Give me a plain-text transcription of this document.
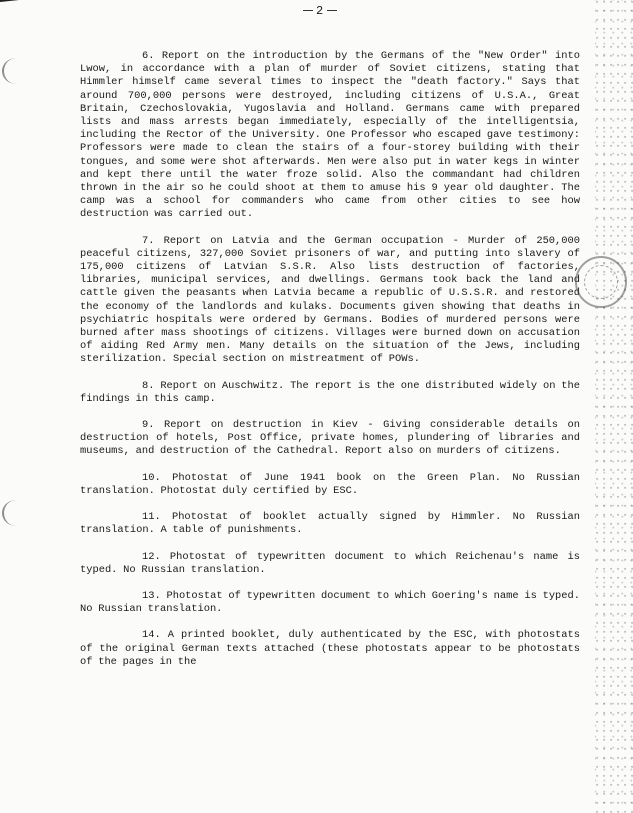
2

6. Report on the introduction by the Germans of the "New Order" into Lwow, in accordance with a plan of murder of Soviet citizens, stating that Himmler himself came several times to inspect the "death factory." Says that around 700,000 persons were destroyed, including citizens of U.S.A., Great Britain, Czechoslovakia, Yugoslavia and Holland. Germans came with prepared lists and mass arrests began immediately, especially of the intelligentsia, including the Rector of the University. One Professor who escaped gave testimony: Professors were made to clean the stairs of a four-storey building with their tongues, and some were shot afterwards. Men were also put in water kegs in winter and kept there until the water froze solid. Also the commandant had children thrown in the air so he could shoot at them to amuse his 9 year old daughter. The camp was a school for commanders who came from other cities to see how destruction was carried out.

7. Report on Latvia and the German occupation - Murder of 250,000 peaceful citizens, 327,000 Soviet prisoners of war, and putting into slavery of 175,000 citizens of Latvian S.S.R. Also lists destruction of factories, libraries, municipal services, and dwellings. Germans took back the land and cattle given the peasants when Latvia became a republic of U.S.S.R. and restored the economy of the landlords and kulaks. Documents given showing that deaths in psychiatric hospitals were ordered by Germans. Bodies of murdered persons were burned after mass shootings of citizens. Villages were burned down on accusation of aiding Red Army men. Many details on the situation of the Jews, including sterilization. Special section on mistreatment of POWs.

8. Report on Auschwitz. The report is the one distributed widely on the findings in this camp.

9. Report on destruction in Kiev - Giving considerable details on destruction of hotels, Post Office, private homes, plundering of libraries and museums, and destruction of the Cathedral. Report also on murders of citizens.

10. Photostat of June 1941 book on the Green Plan. No Russian translation. Photostat duly certified by ESC.

11. Photostat of booklet actually signed by Himmler. No Russian translation. A table of punishments.

12. Photostat of typewritten document to which Reichenau's name is typed. No Russian translation.

13. Photostat of typewritten document to which Goering's name is typed. No Russian translation.

14. A printed booklet, duly authenticated by the ESC, with photostats of the original German texts attached (these photostats appear to be photostats of the pages in the
